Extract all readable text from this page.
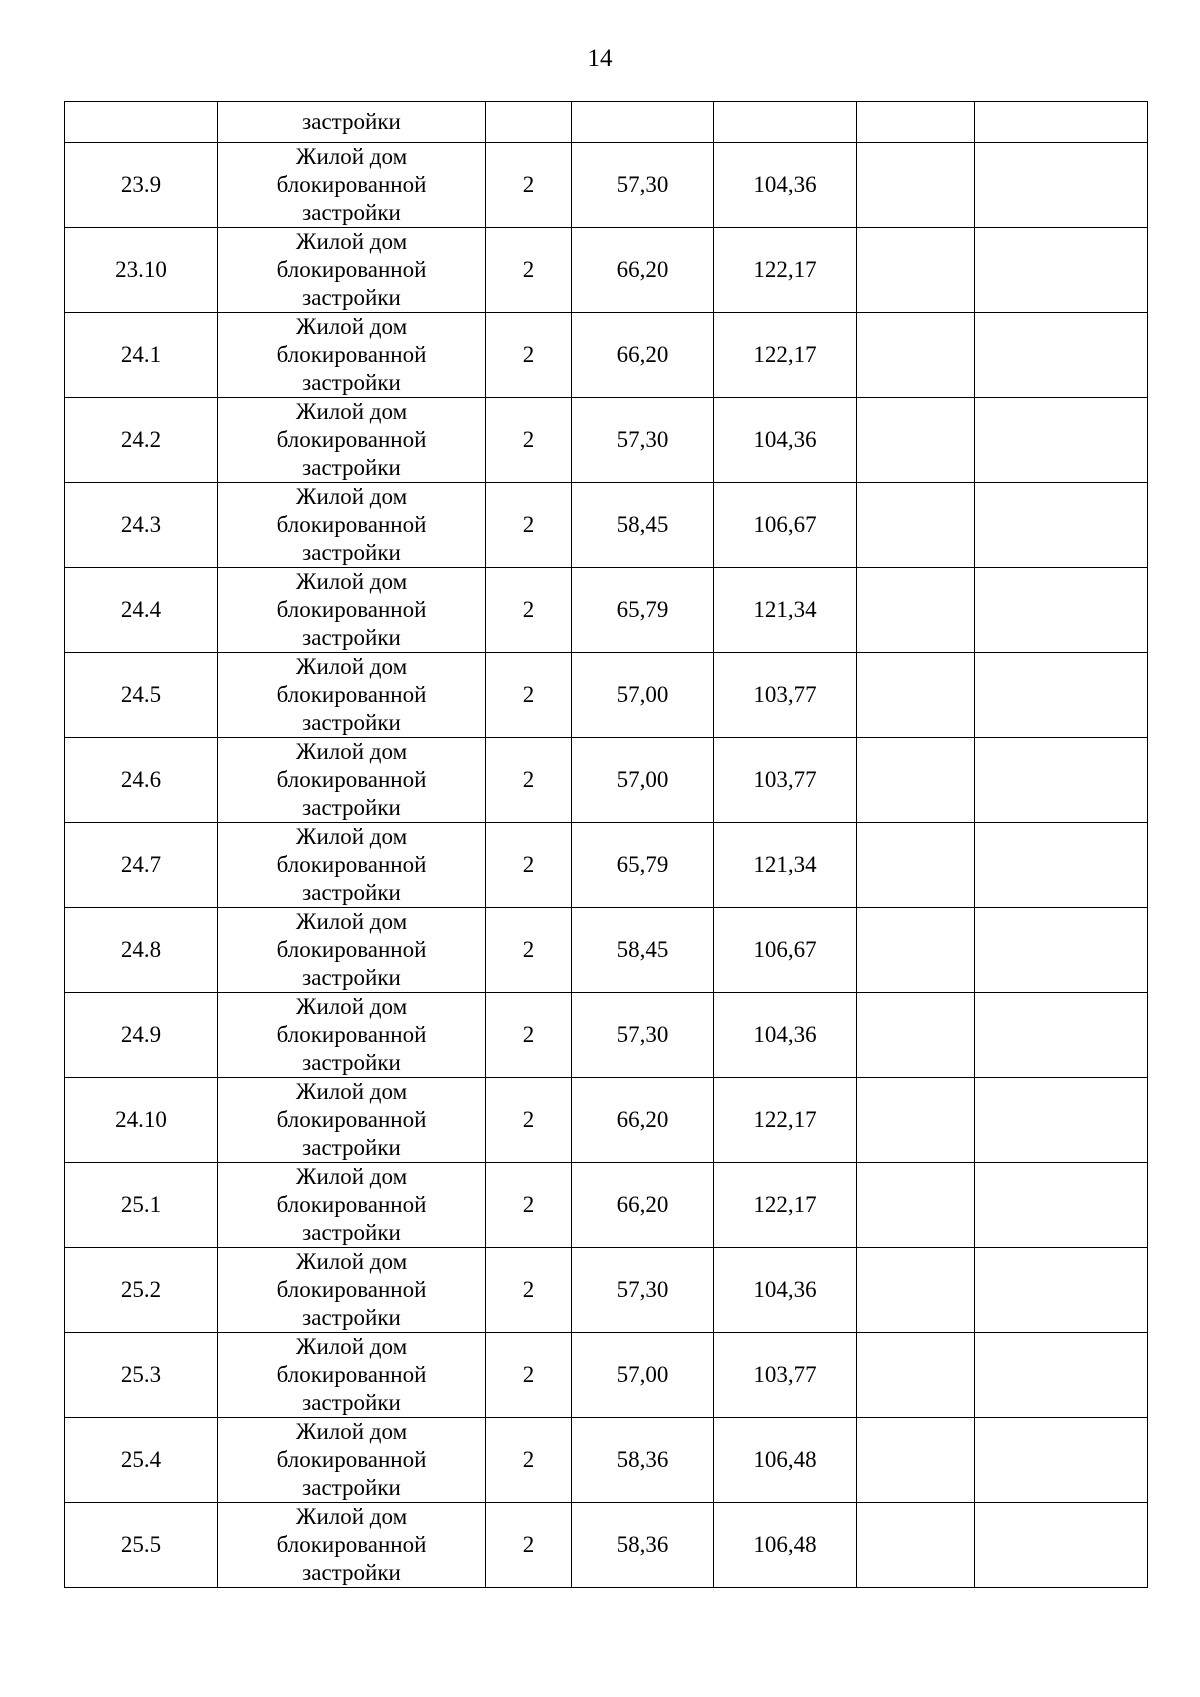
14
	застройки					
23.9	Жилой дом
блокированной
застройки	2	57,30	104,36		
23.10	Жилой дом
блокированной
застройки	2	66,20	122,17		
24.1	Жилой дом
блокированной
застройки	2	66,20	122,17		
24.2	Жилой дом
блокированной
застройки	2	57,30	104,36		
24.3	Жилой дом
блокированной
застройки	2	58,45	106,67		
24.4	Жилой дом
блокированной
застройки	2	65,79	121,34		
24.5	Жилой дом
блокированной
застройки	2	57,00	103,77		
24.6	Жилой дом
блокированной
застройки	2	57,00	103,77		
24.7	Жилой дом
блокированной
застройки	2	65,79	121,34		
24.8	Жилой дом
блокированной
застройки	2	58,45	106,67		
24.9	Жилой дом
блокированной
застройки	2	57,30	104,36		
24.10	Жилой дом
блокированной
застройки	2	66,20	122,17		
25.1	Жилой дом
блокированной
застройки	2	66,20	122,17		
25.2	Жилой дом
блокированной
застройки	2	57,30	104,36		
25.3	Жилой дом
блокированной
застройки	2	57,00	103,77		
25.4	Жилой дом
блокированной
застройки	2	58,36	106,48		
25.5	Жилой дом
блокированной
застройки	2	58,36	106,48		
